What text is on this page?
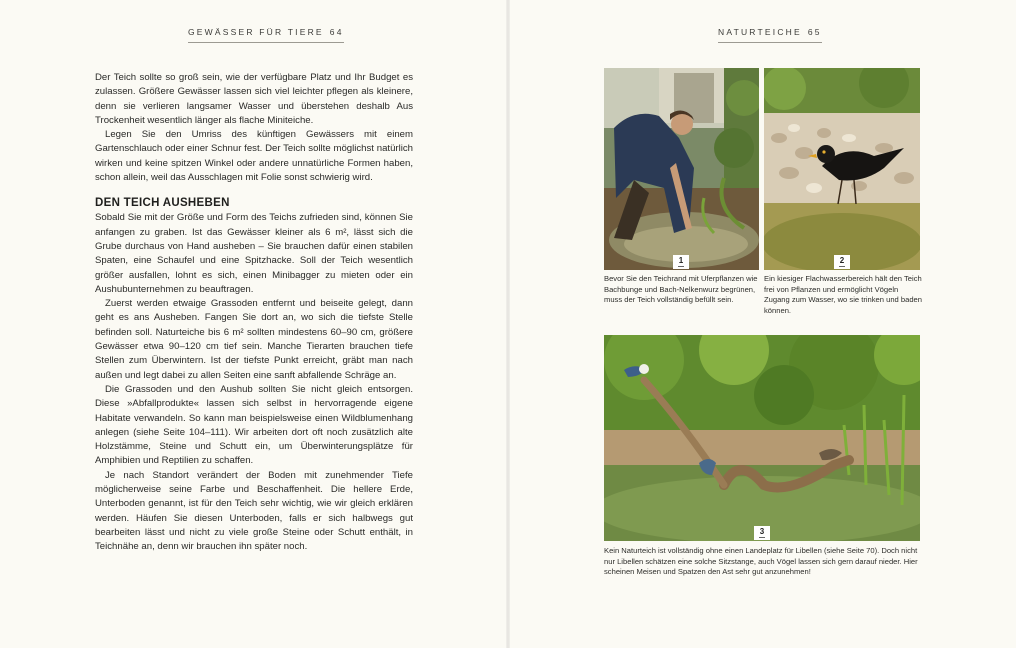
GEWÄSSER FÜR TIERE 64

Der Teich sollte so groß sein, wie der verfügbare Platz und Ihr Budget es zulassen. Größere Gewässer lassen sich viel leichter pflegen als kleinere, denn sie verlieren langsamer Wasser und überstehen deshalb Aus Trockenheit wesentlich länger als flache Miniteiche.

Legen Sie den Umriss des künftigen Gewässers mit einem Gartenschlauch oder einer Schnur fest. Der Teich sollte möglichst natürlich wirken und keine spitzen Winkel oder andere unnatürliche Formen haben, schon allein, weil das Ausschlagen mit Folie sonst schwierig wird.

DEN TEICH AUSHEBEN

Sobald Sie mit der Größe und Form des Teichs zufrieden sind, können Sie anfangen zu graben. Ist das Gewässer kleiner als 6 m², lässt sich die Grube durchaus von Hand ausheben – Sie brauchen dafür einen stabilen Spaten, eine Schaufel und eine Spitzhacke. Soll der Teich wesentlich größer ausfallen, lohnt es sich, einen Minibagger zu mieten oder ein Aushubunternehmen zu beauftragen.

Zuerst werden etwaige Grassoden entfernt und beiseite gelegt, dann geht es ans Ausheben. Fangen Sie dort an, wo sich die tiefste Stelle befinden soll. Naturteiche bis 6 m² sollten mindestens 60–90 cm, größere Gewässer etwa 90–120 cm tief sein. Manche Tierarten brauchen tiefe Stellen zum Überwintern. Ist der tiefste Punkt erreicht, gräbt man nach außen und legt dabei zu allen Seiten eine sanft abfallende Schräge an.

Die Grassoden und den Aushub sollten Sie nicht gleich entsorgen. Diese »Abfallprodukte« lassen sich selbst in hervorragende eigene Habitate verwandeln. So kann man beispielsweise einen Wildblumenhang anlegen (siehe Seite 104–111). Wir arbeiten dort oft noch zusätzlich alte Holzstämme, Steine und Schutt ein, um Überwinterungsplätze für Amphibien und Reptilien zu schaffen.

Je nach Standort verändert der Boden mit zunehmender Tiefe möglicherweise seine Farbe und Beschaffenheit. Die hellere Erde, Unterboden genannt, ist für den Teich sehr wichtig, wie wir gleich erklären werden. Häufen Sie diesen Unterboden, falls er sich halbwegs gut bearbeiten lässt und nicht zu viele große Steine oder Schutt enthält, in Teichnähe an, denn wir brauchen ihn später noch.

NATURTEICHE 65
1	2
Bevor Sie den Teichrand mit Uferpflanzen wie Bachbunge und Bach-Nelkenwurz begrünen, muss der Teich vollständig befüllt sein.
Ein kiesiger Flachwasserbereich hält den Teich frei von Pflanzen und ermöglicht Vögeln Zugang zum Wasser, wo sie trinken und baden können.
3
Kein Naturteich ist vollständig ohne einen Landeplatz für Libellen (siehe Seite 70). Doch nicht nur Libellen schätzen eine solche Sitzstange, auch Vögel lassen sich gern darauf nieder. Hier scheinen Meisen und Spatzen den Ast sehr gut anzunehmen!
